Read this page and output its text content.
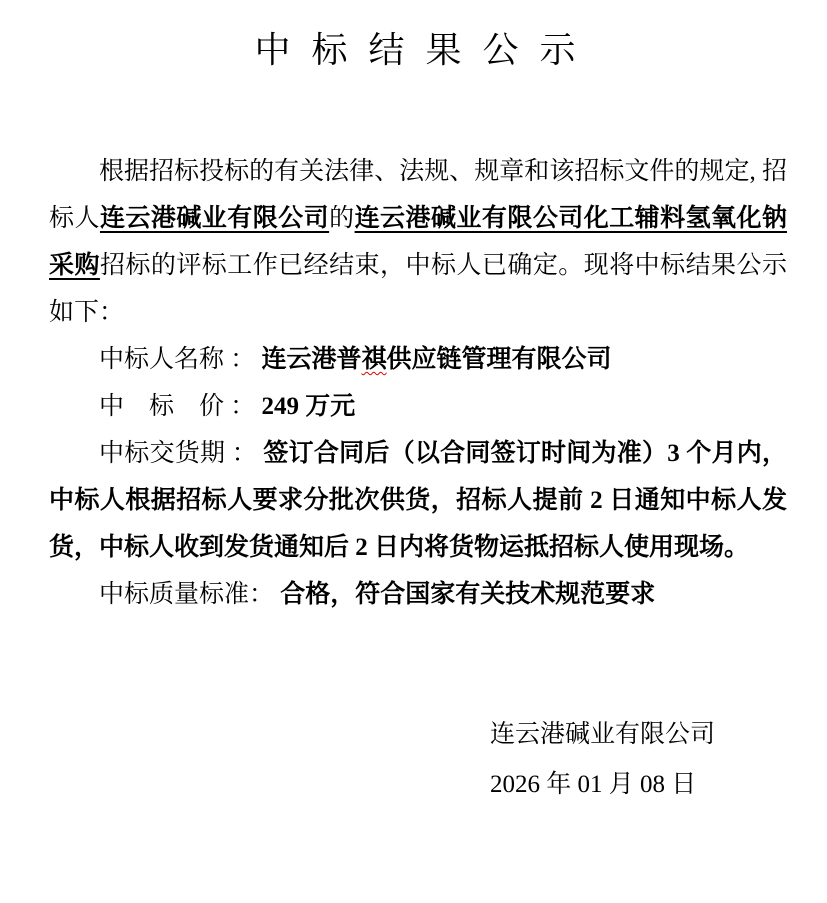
中 标 结 果 公 示

根据招标投标的有关法律、法规、规章和该招标文件的规定, 招标人连云港碱业有限公司的连云港碱业有限公司化工辅料氢氧化钠采购招标的评标工作已经结束，中标人已确定。现将中标结果公示如下：

中标人名称 ： 连云港普祺供应链管理有限公司

中　标　价 ： 249 万元

中标交货期 ： 签订合同后（以合同签订时间为准）3 个月内，中标人根据招标人要求分批次供货，招标人提前 2 日通知中标人发货，中标人收到发货通知后 2 日内将货物运抵招标人使用现场。

中标质量标准： 合格，符合国家有关技术规范要求

连云港碱业有限公司

2026 年 01 月 08 日
